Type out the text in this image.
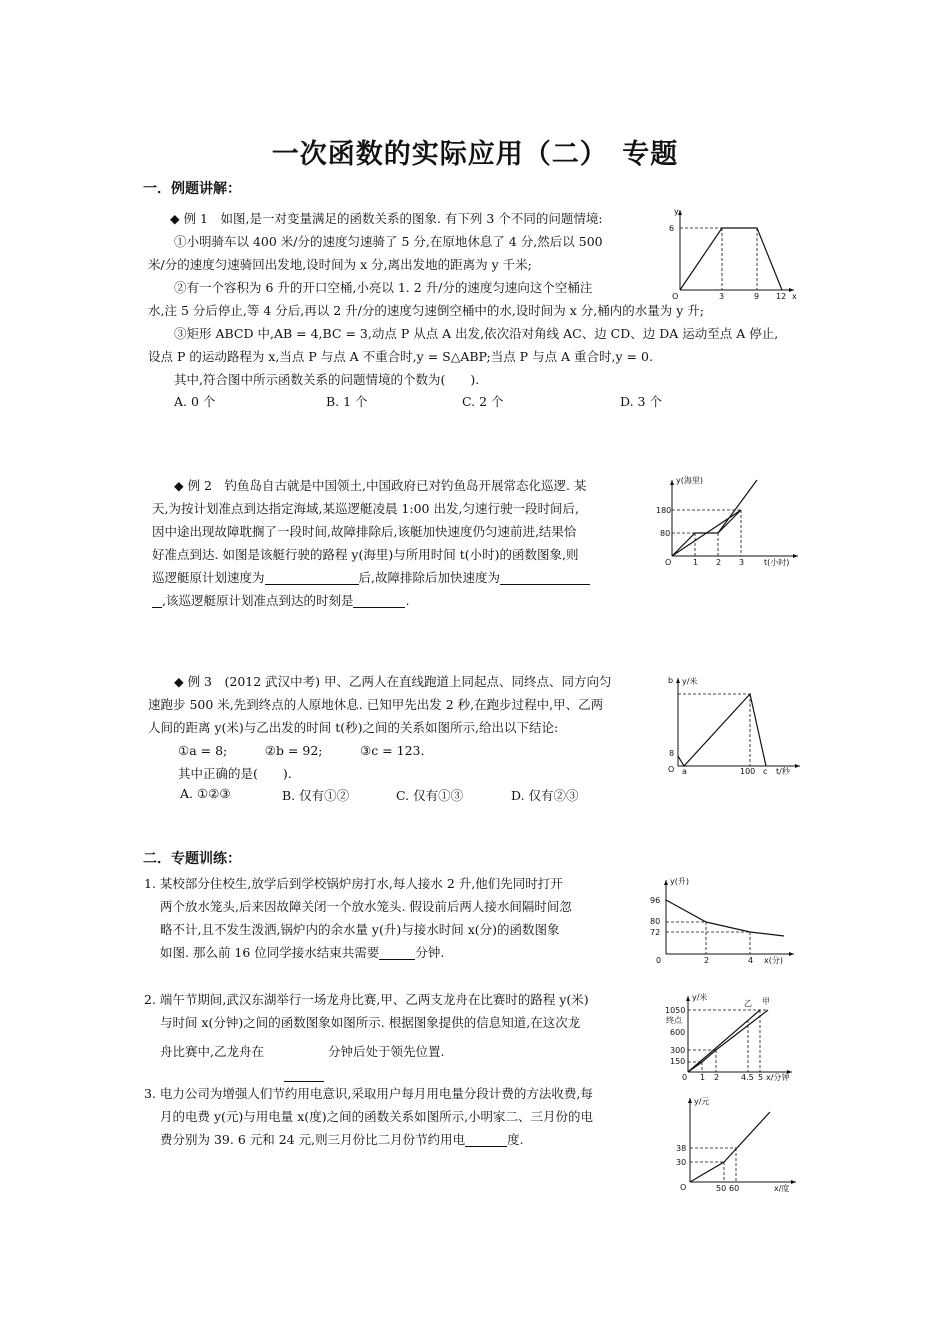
一次函数的实际应用（二）　专题
一．例题讲解：

◆ 例 1　如图,是一对变量满足的函数关系的图象. 有下列 3 个不同的问题情境:

①小明骑车以 400 米/分的速度匀速骑了 5 分,在原地休息了 4 分,然后以 500

米/分的速度匀速骑回出发地,设时间为 x 分,离出发地的距离为 y 千米;

②有一个容积为 6 升的开口空桶,小亮以 1. 2 升/分的速度匀速向这个空桶注

水,注 5 分后停止,等 4 分后,再以 2 升/分的速度匀速倒空桶中的水,设时间为 x 分,桶内的水量为 y 升;

③矩形 ABCD 中,AB = 4,BC = 3,动点 P 从点 A 出发,依次沿对角线 AC、边 CD、边 DA 运动至点 A 停止,

设点 P 的运动路程为 x,当点 P 与点 A 不重合时,y = S△ABP;当点 P 与点 A 重合时,y = 0.

其中,符合图中所示函数关系的问题情境的个数为(　　).

A. 0 个	B. 1 个	C. 2 个	D. 3 个
y
6
O	3	9 12 x

◆ 例 2　钓鱼岛自古就是中国领土,中国政府已对钓鱼岛开展常态化巡逻. 某

天,为按计划准点到达指定海域,某巡逻艇凌晨 1:00 出发,匀速行驶一段时间后,

因中途出现故障耽搁了一段时间,故障排除后,该艇加快速度仍匀速前进,结果恰

好准点到达. 如图是该艇行驶的路程 y(海里)与所用时间 t(小时)的函数图象,则

巡逻艇原计划速度为	后,故障排除后加快速度为

,该巡逻艇原计划准点到达的时刻是	.

y(海里)
180
80
O	1 2 3 t(小时)

◆ 例 3　(2012 武汉中考) 甲、乙两人在直线跑道上同起点、同终点、同方向匀

速跑步 500 米,先到终点的人原地休息. 已知甲先出发 2 秒,在跑步过程中,甲、乙两

人间的距离 y(米)与乙出发的时间 t(秒)之间的关系如图所示,给出以下结论:

①a = 8;　　　②b = 92;　　　③c = 123.

其中正确的是(　　).

A. ①②③	B. 仅有①②	C. 仅有①③	D. 仅有②③
b y/米
8
O a	100 c t/秒
二．专题训练：

1. 某校部分住校生,放学后到学校锅炉房打水,每人接水 2 升,他们先同时打开

两个放水笼头,后来因故障关闭一个放水笼头. 假设前后两人接水间隔时间忽

略不计,且不发生泼洒,锅炉内的余水量 y(升)与接水时间 x(分)的函数图象

如图. 那么前 16 位同学接水结束共需要	分钟.

y(升)
96
80
72
0	2	4 x(分)

2. 端午节期间,武汉东湖举行一场龙舟比赛,甲、乙两支龙舟在比赛时的路程 y(米)

与时间 x(分钟)之间的函数图象如图所示. 根据图象提供的信息知道,在这次龙

舟比赛中,乙龙舟在	分钟后处于领先位置.

y/米
乙 甲
1050
终点
600
300
150
0 1 2	4.5 5 x/分钟

3. 电力公司为增强人们节约用电意识,采取用户每月用电量分段计费的方法收费,每

月的电费 y(元)与用电量 x(度)之间的函数关系如图所示,小明家二、三月份的电

费分别为 39. 6 元和 24 元,则三月份比二月份节约用电	度.

y/元
38
30
O	50 60	x/度
